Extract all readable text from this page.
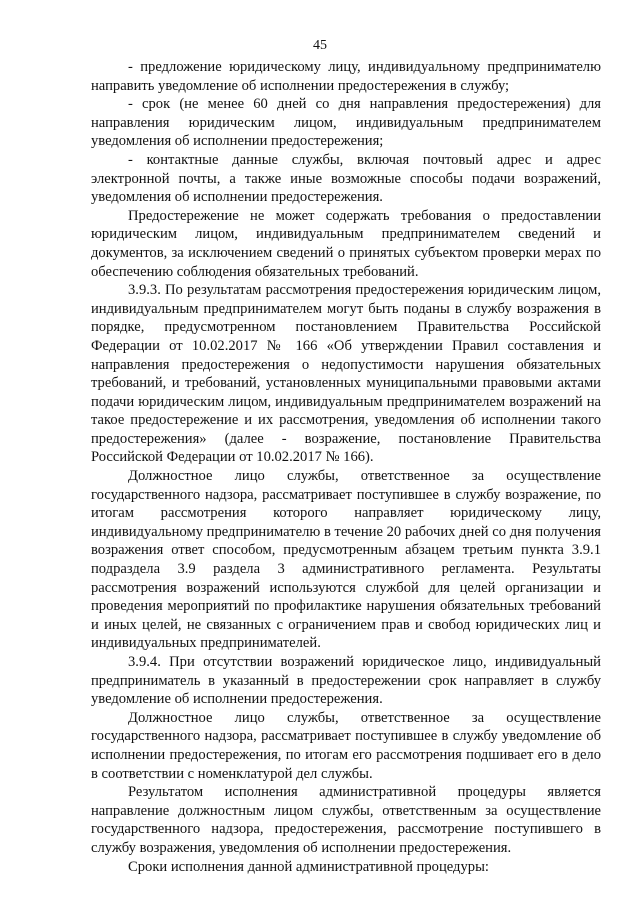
45

- предложение юридическому лицу, индивидуальному предпринимателю направить уведомление об исполнении предостережения в службу;

- срок (не менее 60 дней со дня направления предостережения) для направления юридическим лицом, индивидуальным предпринимателем уведомления об исполнении предостережения;

- контактные данные службы, включая почтовый адрес и адрес электронной почты, а также иные возможные способы подачи возражений, уведомления об исполнении предостережения.

Предостережение не может содержать требования о предоставлении юридическим лицом, индивидуальным предпринимателем сведений и документов, за исключением сведений о принятых субъектом проверки мерах по обеспечению соблюдения обязательных требований.

3.9.3. По результатам рассмотрения предостережения юридическим лицом, индивидуальным предпринимателем могут быть поданы в службу возражения в порядке, предусмотренном постановлением Правительства Российской Федерации от 10.02.2017 № 166 «Об утверждении Правил составления и направления предостережения о недопустимости нарушения обязательных требований, и требований, установленных муниципальными правовыми актами подачи юридическим лицом, индивидуальным предпринимателем возражений на такое предостережение и их рассмотрения, уведомления об исполнении такого предостережения» (далее - возражение, постановление Правительства Российской Федерации от 10.02.2017 № 166).

Должностное лицо службы, ответственное за осуществление государственного надзора, рассматривает поступившее в службу возражение, по итогам рассмотрения которого направляет юридическому лицу, индивидуальному предпринимателю в течение 20 рабочих дней со дня получения возражения ответ способом, предусмотренным абзацем третьим пункта 3.9.1 подраздела 3.9 раздела 3 административного регламента. Результаты рассмотрения возражений используются службой для целей организации и проведения мероприятий по профилактике нарушения обязательных требований и иных целей, не связанных с ограничением прав и свобод юридических лиц и индивидуальных предпринимателей.

3.9.4. При отсутствии возражений юридическое лицо, индивидуальный предприниматель в указанный в предостережении срок направляет в службу уведомление об исполнении предостережения.

Должностное лицо службы, ответственное за осуществление государственного надзора, рассматривает поступившее в службу уведомление об исполнении предостережения, по итогам его рассмотрения подшивает его в дело в соответствии с номенклатурой дел службы.

Результатом исполнения административной процедуры является направление должностным лицом службы, ответственным за осуществление государственного надзора, предостережения, рассмотрение поступившего в службу возражения, уведомления об исполнении предостережения.

Сроки исполнения данной административной процедуры:
